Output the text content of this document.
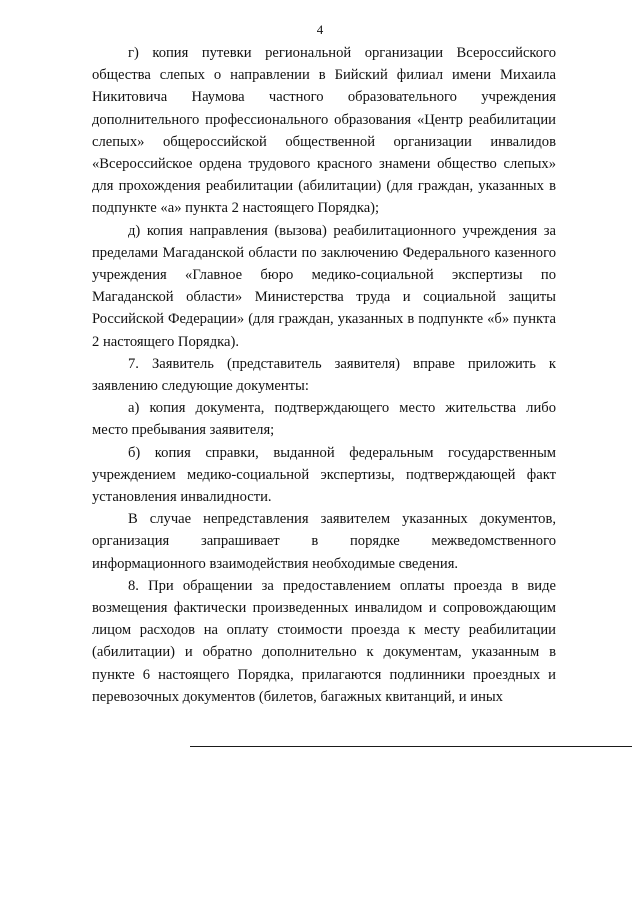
4

г) копия путевки региональной организации Всероссийского общества слепых о направлении в Бийский филиал имени Михаила Никитовича Наумова частного образовательного учреждения дополнительного профессионального образования «Центр реабилитации слепых» общероссийской общественной организации инвалидов «Всероссийское ордена трудового красного знамени общество слепых» для прохождения реабилитации (абилитации) (для граждан, указанных в подпункте «а» пункта 2 настоящего Порядка);

д) копия направления (вызова) реабилитационного учреждения за пределами Магаданской области по заключению Федерального казенного учреждения «Главное бюро медико-социальной экспертизы по Магаданской области» Министерства труда и социальной защиты Российской Федерации» (для граждан, указанных в подпункте «б» пункта 2 настоящего Порядка).

7. Заявитель (представитель заявителя) вправе приложить к заявлению следующие документы:

а) копия документа, подтверждающего место жительства либо место пребывания заявителя;

б) копия справки, выданной федеральным государственным учреждением медико-социальной экспертизы, подтверждающей факт установления инвалидности.

В случае непредставления заявителем указанных документов, организация запрашивает в порядке межведомственного информационного взаимодействия необходимые сведения.

8. При обращении за предоставлением оплаты проезда в виде возмещения фактически произведенных инвалидом и сопровождающим лицом расходов на оплату стоимости проезда к месту реабилитации (абилитации) и обратно дополнительно к документам, указанным в пункте 6 настоящего Порядка, прилагаются подлинники проездных и перевозочных документов (билетов, багажных квитанций, и иных
